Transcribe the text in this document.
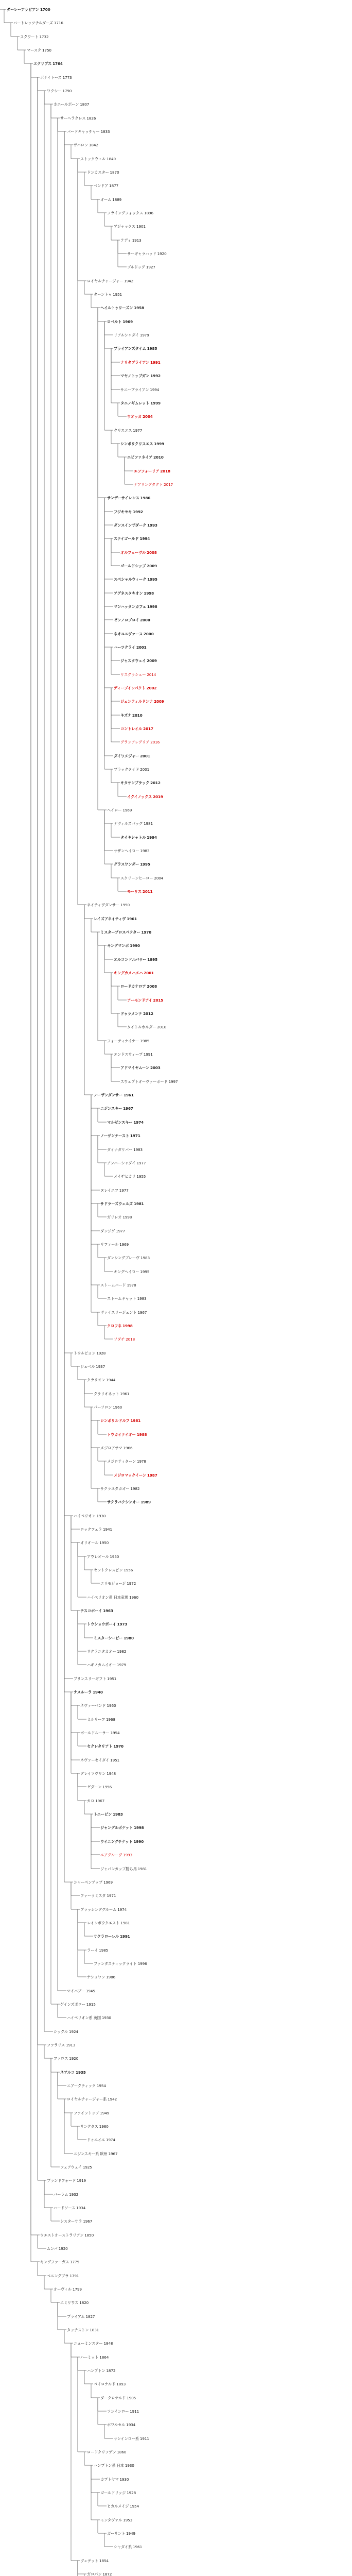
ダーレーアラビアン 1700
バートレッツチルダーズ 1716
スクワート 1732
マースク 1750
エクリプス 1764
ポテイトーズ 1773
ワクシー 1790
ホエールボーン 1807
サーヘラクレス 1826
バードキャッチャー 1833
ザバロン 1842
ストックウェル 1849
ドンカスター 1870
ベンドア 1877
オーム 1889
フライングフォックス 1896
アジャックス 1901
テディ 1913
サーギャラハッド 1920
ブルドッグ 1927
ロイヤルチャージャー 1942
ターントゥ 1951
ヘイルトゥリーズン 1958
ロベルト 1969
リアルシャダイ 1979
ブライアンズタイム 1985
ナリタブライアン 1991
マヤノトップガン 1992
サニーブライアン 1994
タニノギムレット 1999
ウオッカ 2004
クリスエス 1977
シンボリクリスエス 1999
エピファネイア 2010
エフフォーリア 2018
デアリングタクト 2017
サンデーサイレンス 1986
フジキセキ 1992
ダンスインザダーク 1993
ステイゴールド 1994
オルフェーヴル 2008
ゴールドシップ 2009
スペシャルウィーク 1995
アグネスタキオン 1998
マンハッタンカフェ 1998
ゼンノロブロイ 2000
ネオユニヴァース 2000
ハーツクライ 2001
ジャスタウェイ 2009
リスグラシュー 2014
ディープインパクト 2002
ジェンティルドンナ 2009
キズナ 2010
コントレイル 2017
グランアレグリア 2016
ダイワメジャー 2001
ブラックタイド 2001
キタサンブラック 2012
イクイノックス 2019
ヘイロー 1969
デヴィルズバッグ 1981
タイキシャトル 1994
サザンヘイロー 1983
グラスワンダー 1995
スクリーンヒーロー 2004
モーリス 2011
ネイティヴダンサー 1950
レイズアネイティヴ 1961
ミスタープロスペクター 1970
キングマンボ 1990
エルコンドルパサー 1995
キングカメハメハ 2001
ロードカナロア 2008
アーモンドアイ 2015
ドゥラメンテ 2012
タイトルホルダー 2018
フォーティナイナー 1985
エンドスウィープ 1991
アドマイヤムーン 2003
スウェプトオーヴァーボード 1997
ノーザンダンサー 1961
ニジンスキー 1967
マルゼンスキー 1974
ノーザンテースト 1971
ダイナガリバー 1983
アンバーシャダイ 1977
メイヂヒカリ 1955
ヌレイエフ 1977
サドラーズウェルズ 1981
ガリレオ 1998
ダンジグ 1977
リファール 1969
ダンシングブレーヴ 1983
キングヘイロー 1995
ストームバード 1978
ストームキャット 1983
ヴァイスリージェント 1967
クロフネ 1998
ソダチ 2018
トウルビヨン 1928
ジェベル 1937
クラリオン 1944
クラリオネット 1961
パーソロン 1960
シンボリルドルフ 1981
トウカイテイオー 1988
メジロアサマ 1966
メジロティターン 1978
メジロマックイーン 1987
サクラユタカオー 1982
サクラバクシンオー 1989
ハイペリオン 1930
ロックフェラ 1941
オリオール 1950
アウレオール 1950
セントクレスピン 1956
エリモジョージ 1972
ハイペリオン系 日本産馬 1960
テスコボーイ 1963
トウショウボーイ 1973
ミスターシービー 1980
サクラユタカオー 1982
ハギノカムイオー 1979
プリンスリーギフト 1951
ナスルーラ 1940
ネヴァーベンド 1960
ミルリーフ 1968
ボールドルーラー 1954
セクレタリアト 1970
ネヴァーセイダイ 1951
グレイソヴリン 1948
ゼダーン 1956
カロ 1967
トニービン 1983
ジャングルポケット 1998
ウイニングチケット 1990
エアグルーヴ 1993
ジャパンカップ勝ち馬 1981
シャーペンアップ 1969
ファーラミスタ 1971
ブラッシンググルーム 1974
レインボウクエスト 1981
サクラローレル 1991
ラーイ 1985
ファンタスティックライト 1996
ナシュワン 1986
マイバブー 1945
ゲインズボロー 1915
ハイペリオン系 英国 1930
シックル 1924
ファラリス 1913
ファロス 1920
ネアルコ 1935
ニアークティック 1954
ロイヤルチャージャー系 1942
ファイントップ 1949
サンクタス 1960
ドゥエイエ 1974
ニジンスキー系 欧州 1967
フェアウェイ 1925
ブランドフォード 1919
バーラム 1932
ハードソース 1934
シスターサラ 1967
ウエストオーストラリアン 1850
ムンバ 1920
キングファーガス 1775
ベニングブラ 1791
オーヴィル 1799
エミリウス 1820
プライアム 1827
タッチストン 1831
ニューミンスター 1848
ハーミット 1864
ハンプトン 1872
ベイロナルド 1893
ダークロナルド 1905
ソンインロー 1911
ボワルセル 1934
サンインロー系 1911
ロードクリフデン 1860
ハンプトン系 日本 1930
カブトヤマ 1930
ゴールドリッジ 1928
ヒカルメイジ 1954
モンタヴァル 1953
ガーサント 1949
シャダイ系 1961
ヴェデット 1854
ガロパン 1872
